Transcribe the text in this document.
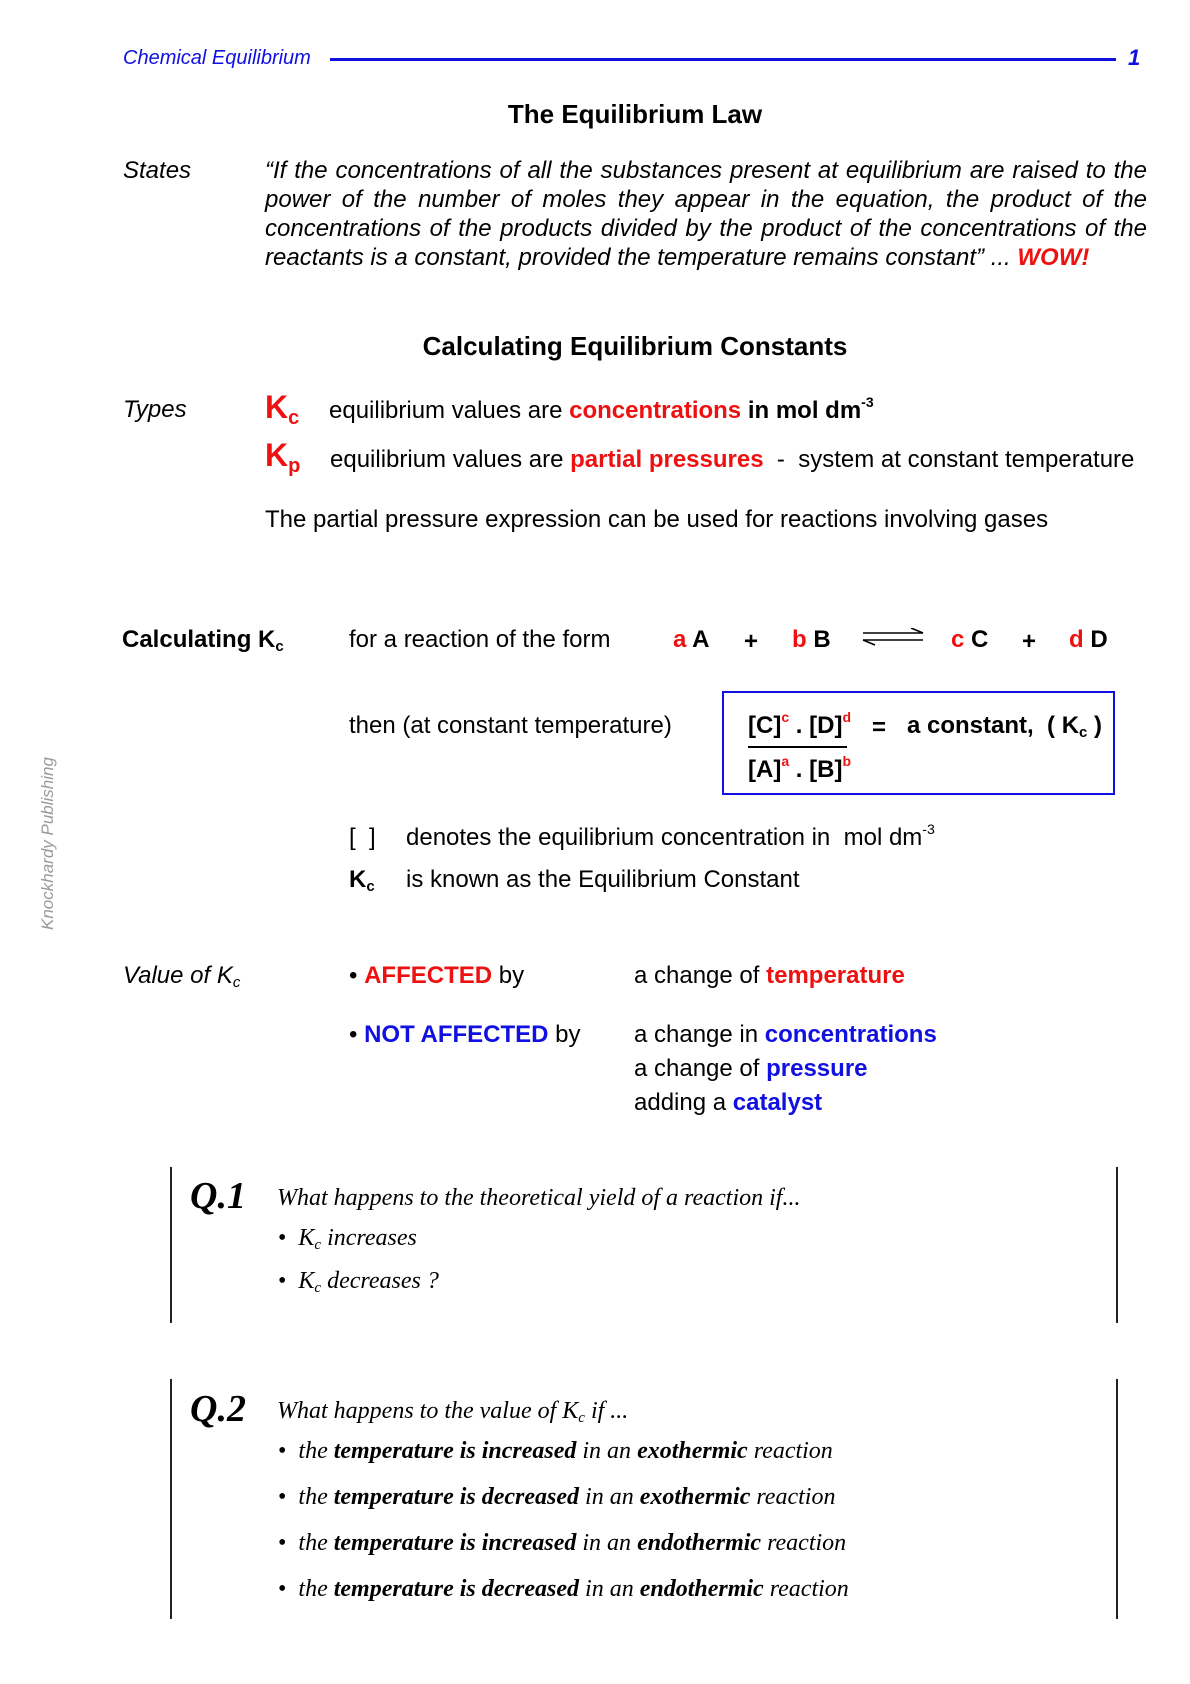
Chemical Equilibrium	1
Knockhardy Publishing
The Equilibrium Law
States	“If the concentrations of all the substances present at equilibrium are raised to the power of the number of moles they appear in the equation, the product of the concentrations of the products divided by the product of the concentrations of the reactants is a constant, provided the temperature remains constant” ... WOW!
Calculating Equilibrium Constants
Types $K_c$ equilibrium values are concentrations in mol $dm^{-3}$
$K_p$ equilibrium values are partial pressures  -  system at constant temperature
The partial pressure expression can be used for reactions involving gases
Calculating $K_c$	for a reaction of the form	a A + b B	c C + d D
then (at constant temperature)	$[C]^c$ . $[D]^d$
$[A]^a$ . $[B]^b$
= a constant,  ( $K_c$ )
[  ] denotes the equilibrium concentration in  mol $dm^{-3}$
$K_c$ is known as the Equilibrium Constant
Value of $K_c$	• AFFECTED by	a change of temperature
• NOT AFFECTED by a change in concentrations
a change of pressure
adding a catalyst
Q.1 What happens to the theoretical yield of a reaction if...
• $K_c$ increases
• $K_c$ decreases ?
Q.2 What happens to the value of $K_c$ if ...
• the temperature is increased in an exothermic reaction
• the temperature is decreased in an exothermic reaction
• the temperature is increased in an endothermic reaction
• the temperature is decreased in an endothermic reaction
